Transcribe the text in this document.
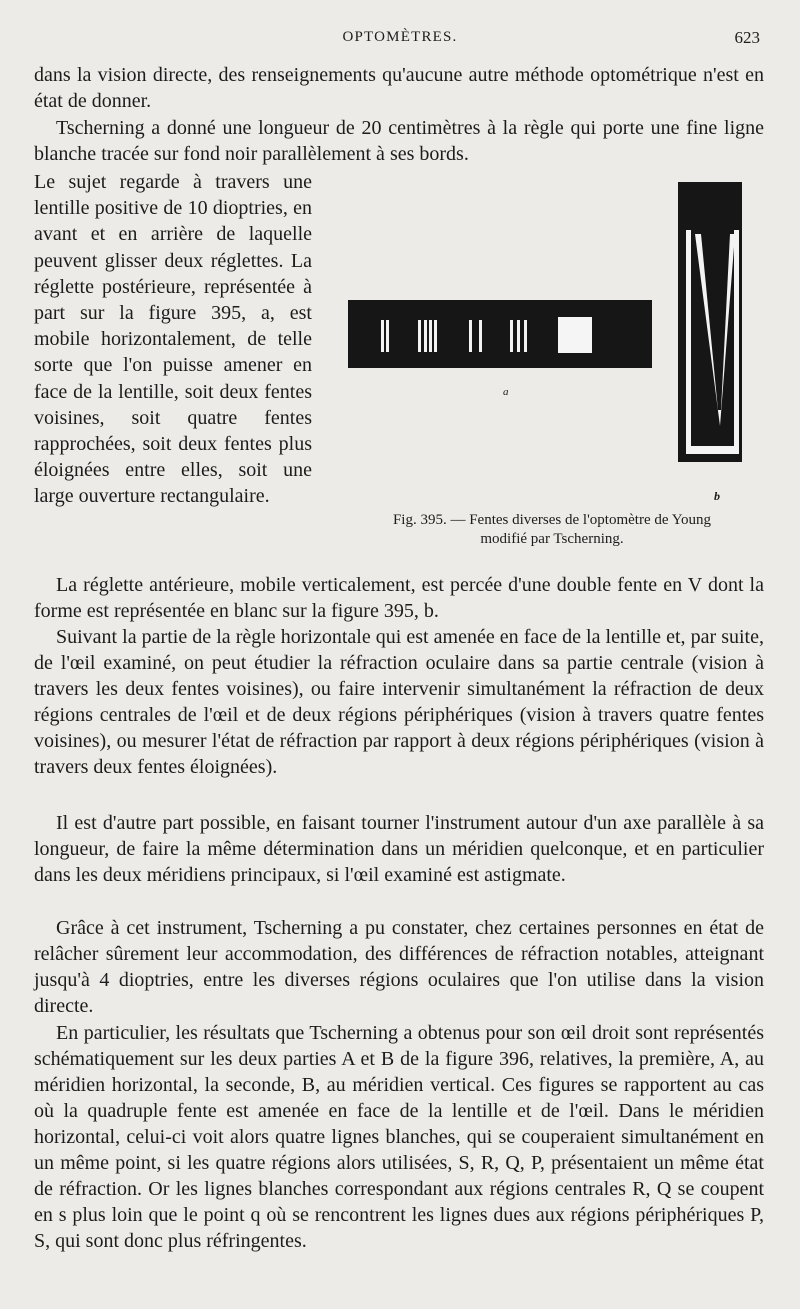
OPTOMÈTRES.	623

dans la vision directe, des renseignements qu'aucune autre méthode optométrique n'est en état de donner.

Tscherning a donné une longueur de 20 centimètres à la règle qui porte une fine ligne blanche tracée sur fond noir parallèlement à ses bords.

Le sujet regarde à travers une lentille positive de 10 dioptries, en avant et en arrière de laquelle peuvent glisser deux réglettes. La réglette postérieure, représentée à part sur la figure 395, a, est mobile horizontalement, de telle sorte que l'on puisse amener en face de la lentille, soit deux fentes voisines, soit quatre fentes rapprochées, soit deux fentes plus éloignées entre elles, soit une large ouverture rectangulaire.

a
b
Fig. 395. — Fentes diverses de l'optomètre de Young
modifié par Tscherning.

La réglette antérieure, mobile verticalement, est percée d'une double fente en V dont la forme est représentée en blanc sur la figure 395, b.

Suivant la partie de la règle horizontale qui est amenée en face de la lentille et, par suite, de l'œil examiné, on peut étudier la réfraction oculaire dans sa partie centrale (vision à travers les deux fentes voisines), ou faire intervenir simultanément la réfraction de deux régions centrales de l'œil et de deux régions périphériques (vision à travers quatre fentes voisines), ou mesurer l'état de réfraction par rapport à deux régions périphériques (vision à travers deux fentes éloignées).

Il est d'autre part possible, en faisant tourner l'instrument autour d'un axe parallèle à sa longueur, de faire la même détermination dans un méridien quelconque, et en particulier dans les deux méridiens principaux, si l'œil examiné est astigmate.

Grâce à cet instrument, Tscherning a pu constater, chez certaines personnes en état de relâcher sûrement leur accommodation, des différences de réfraction notables, atteignant jusqu'à 4 dioptries, entre les diverses régions oculaires que l'on utilise dans la vision directe.

En particulier, les résultats que Tscherning a obtenus pour son œil droit sont représentés schématiquement sur les deux parties A et B de la figure 396, relatives, la première, A, au méridien horizontal, la seconde, B, au méridien vertical. Ces figures se rapportent au cas où la quadruple fente est amenée en face de la lentille et de l'œil. Dans le méridien horizontal, celui-ci voit alors quatre lignes blanches, qui se couperaient simultanément en un même point, si les quatre régions alors utilisées, S, R, Q, P, présentaient un même état de réfraction. Or les lignes blanches correspondant aux régions centrales R, Q se coupent en s plus loin que le point q où se rencontrent les lignes dues aux régions périphériques P, S, qui sont donc plus réfringentes.
